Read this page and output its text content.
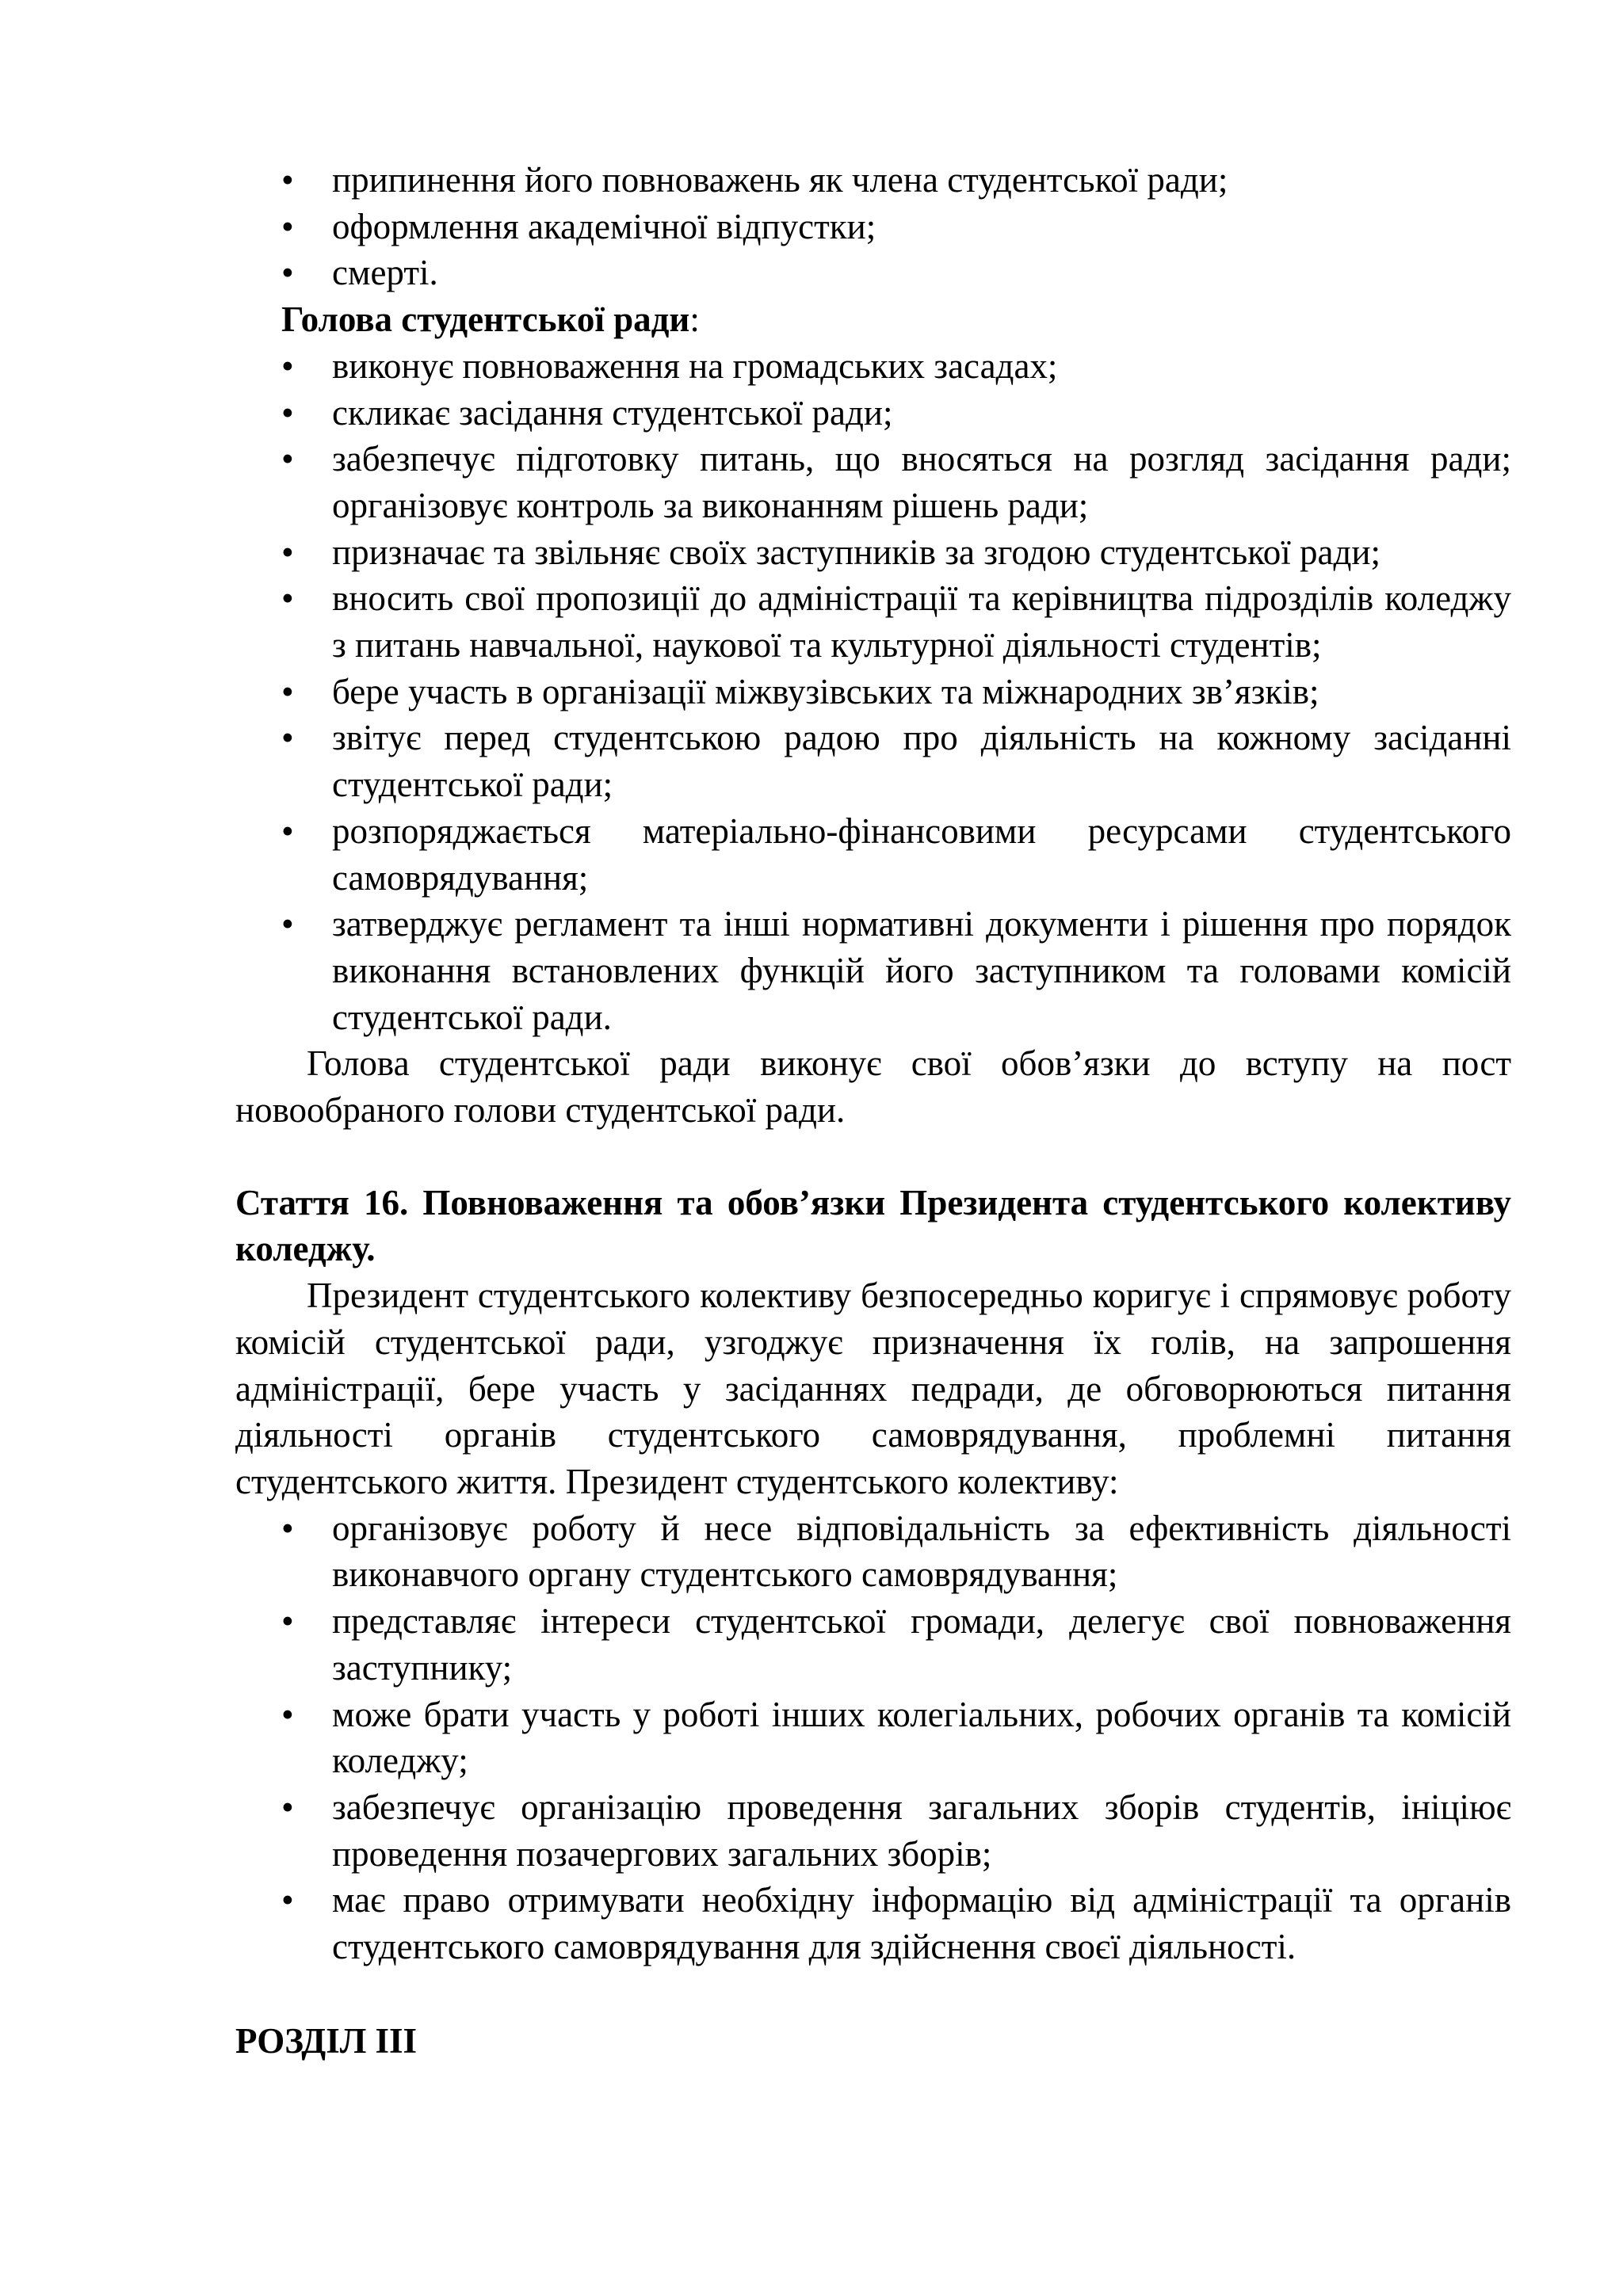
• припинення його повноважень як члена студентської ради;
• оформлення академічної відпустки;
• смерті.
Голова студентської ради:
• виконує повноваження на громадських засадах;
• скликає засідання студентської ради;
• забезпечує підготовку питань, що вносяться на розгляд засідання ради; організовує контроль за виконанням рішень ради;
• призначає та звільняє своїх заступників за згодою студентської ради;
• вносить свої пропозиції до адміністрації та керівництва підрозділів коледжу з питань навчальної, наукової та культурної діяльності студентів;
• бере участь в організації міжвузівських та міжнародних зв’язків;
• звітує перед студентською радою про діяльність на кожному засіданні студентської ради;
• розпоряджається матеріально-фінансовими ресурсами студентського самоврядування;
• затверджує регламент та інші нормативні документи і рішення про порядок виконання встановлених функцій його заступником та головами комісій студентської ради.

Голова студентської ради виконує свої обов’язки до вступу на пост новообраного голови студентської ради.

Стаття 16. Повноваження та обов’язки Президента студентського колективу коледжу.

Президент студентського колективу безпосередньо коригує і спрямовує роботу комісій студентської ради, узгоджує призначення їх голів, на запрошення адміністрації, бере участь у засіданнях педради, де обговорюються питання діяльності органів студентського самоврядування, проблемні питання студентського життя. Президент студентського колективу:

• організовує роботу й несе відповідальність за ефективність діяльності виконавчого органу студентського самоврядування;
• представляє інтереси студентської громади, делегує свої повноваження заступнику;
• може брати участь у роботі інших колегіальних, робочих органів та комісій коледжу;
• забезпечує організацію проведення загальних зборів студентів, ініціює проведення позачергових загальних зборів;
• має право отримувати необхідну інформацію від адміністрації та органів студентського самоврядування для здійснення своєї діяльності.

РОЗДІЛ ІІІ
